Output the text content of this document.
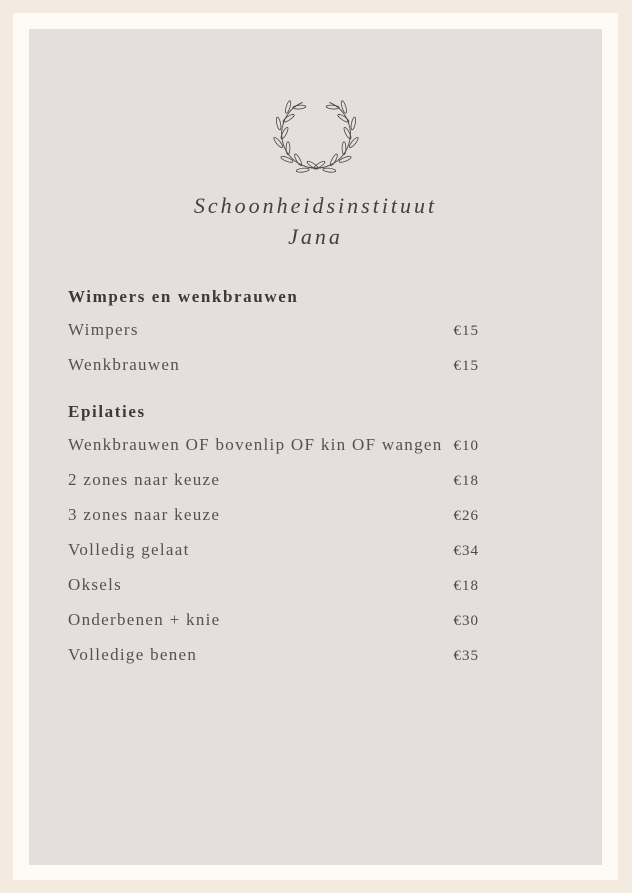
Schoonheidsinstituut
Jana
Wimpers en wenkbrauwen
Wimpers	€15
Wenkbrauwen	€15
Epilaties
Wenkbrauwen OF bovenlip OF kin OF wangen €10
2 zones naar keuze	€18
3 zones naar keuze	€26
Volledig gelaat	€34
Oksels	€18
Onderbenen + knie	€30
Volledige benen	€35
